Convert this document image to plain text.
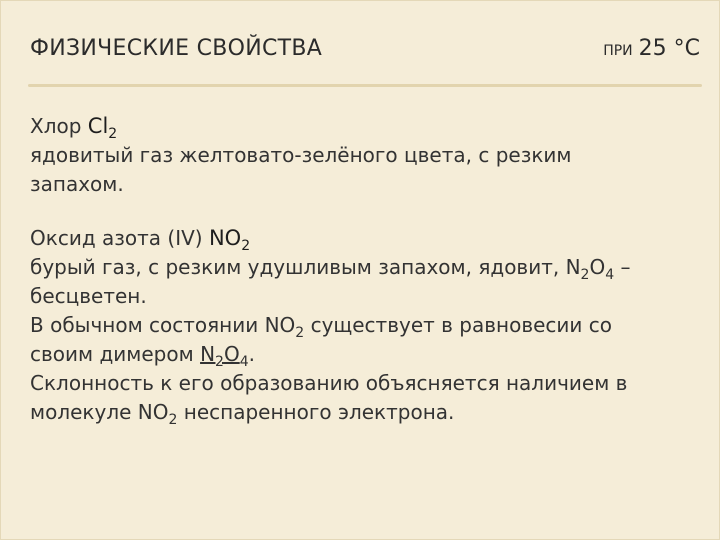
ФИЗИЧЕСКИЕ СВОЙСТВА	ПРИ 25 °C
Хлор $Cl_2$
ядовитый газ желтовато-зелёного цвета, с резким
запахом.
Оксид азота (IV) $NO_2$
бурый газ, с резким удушливым запахом, ядовит, $N_2O_4$ –
бесцветен.
В обычном состоянии $NO_2$ существует в равновесии со
своим димером $N_2O_4$.
Склонность к его образованию объясняется наличием в
молекуле $NO_2$ неспаренного электрона.
